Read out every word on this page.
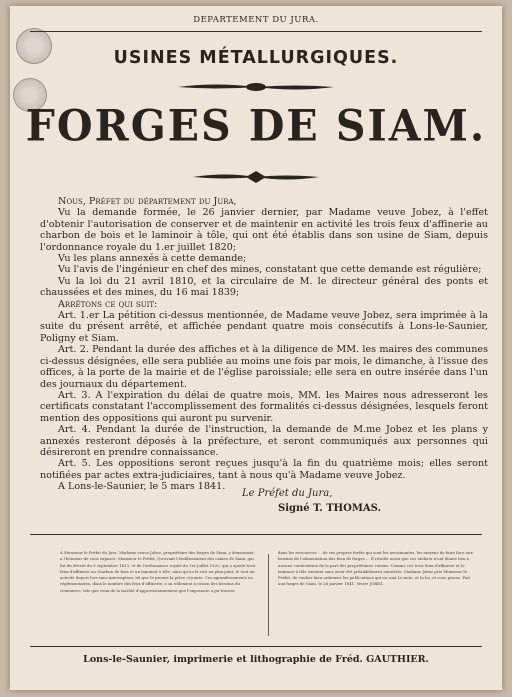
DEPARTEMENT DU JURA.
USINES MÉTALLURGIQUES.
FORGES DE SIAM.

Nous, Préfet du département du Jura,

Vu la demande formée, le 26 janvier dernier, par Madame veuve Jobez, à l'effet d'obtenir l'autorisation de conserver et de maintenir en activité les trois feux d'affinerie au charbon de bois et le laminoir à tôle, qui ont été établis dans son usine de Siam, depuis l'ordonnance royale du 1.er juillet 1820;

Vu les plans annexés à cette demande;

Vu l'avis de l'ingénieur en chef des mines, constatant que cette demande est régulière;

Vu la loi du 21 avril 1810, et la circulaire de M. le directeur général des ponts et chaussées et des mines, du 16 mai 1839;

Arrêtons ce qui suit:

Art. 1.er La pétition ci-dessus mentionnée, de Madame veuve Jobez, sera imprimée à la suite du présent arrêté, et affichée pendant quatre mois consécutifs à Lons-le-Saunier, Poligny et Siam.

Art. 2. Pendant la durée des affiches et à la diligence de MM. les maires des communes ci-dessus désignées, elle sera publiée au moins une fois par mois, le dimanche, à l'issue des offices, à la porte de la mairie et de l'église paroissiale; elle sera en outre insérée dans l'un des journaux du département.

Art. 3. A l'expiration du délai de quatre mois, MM. les Maires nous adresseront les certificats constatant l'accomplissement des formalités ci-dessus désignées, lesquels feront mention des oppositions qui auront pu survenir.

Art. 4. Pendant la durée de l'instruction, la demande de M.me Jobez et les plans y annexés resteront déposés à la préfecture, et seront communiqués aux personnes qui désireront en prendre connaissance.

Art. 5. Les oppositions seront reçues jusqu'à la fin du quatrième mois; elles seront notifiées par actes extra-judiciaires, tant à nous qu'à Madame veuve Jobez.

A Lons-le-Saunier, le 5 mars 1841.

Le Préfet du Jura,
Signé T. THOMAS.
A Monsieur le Préfet du Jura. Madame veuve Jobez, propriétaire des forges de Siam, y demeurant, a l'honneur de vous exposer: Monsieur le Préfet, Qu'avant l'établissement des usines de Siam, qui fut du décret du 5 septembre 1813, et de l'ordonnance royale du 1er juillet 1820, qui a ajouté trois feux d'affinerie au charbon de bois et un laminoir à tôle, ainsi qu'on le voit au plan joint; le tout en activité depuis lors sans interruption, tel que le prouve la pièce ci-jointe. Ces agrandissements ne réglementaires, dans le nombre des feux d'affinerie, a su tellement à raison des besoins du commerce, tels que ceux de la facilité d'approvisionnement que l'exposante a pu trouver
dans les ressources ... de ses propres forêts qui sont les avoisinantes, les moyens de faire face aux besoins de l'alimentation des feux de forges ... Il résulte aussi que ces ateliers n'ont donné lieu à aucune contestation de la part des propriétaires voisins. Comme ces trois feux d'affinerie et le laminoir à tôle existent sans avoir été préalablement autorisés, Madame Jobez prie Monsieur le Préfet, de vouloir bien ordonner les publications qui en sont la suite, et la loi, et vous prions. Fait aux forges de Siam, le 26 janvier 1841. Veuve JOBEZ.
Lons-le-Saunier, imprimerie et lithographie de Fréd. GAUTHIER.
